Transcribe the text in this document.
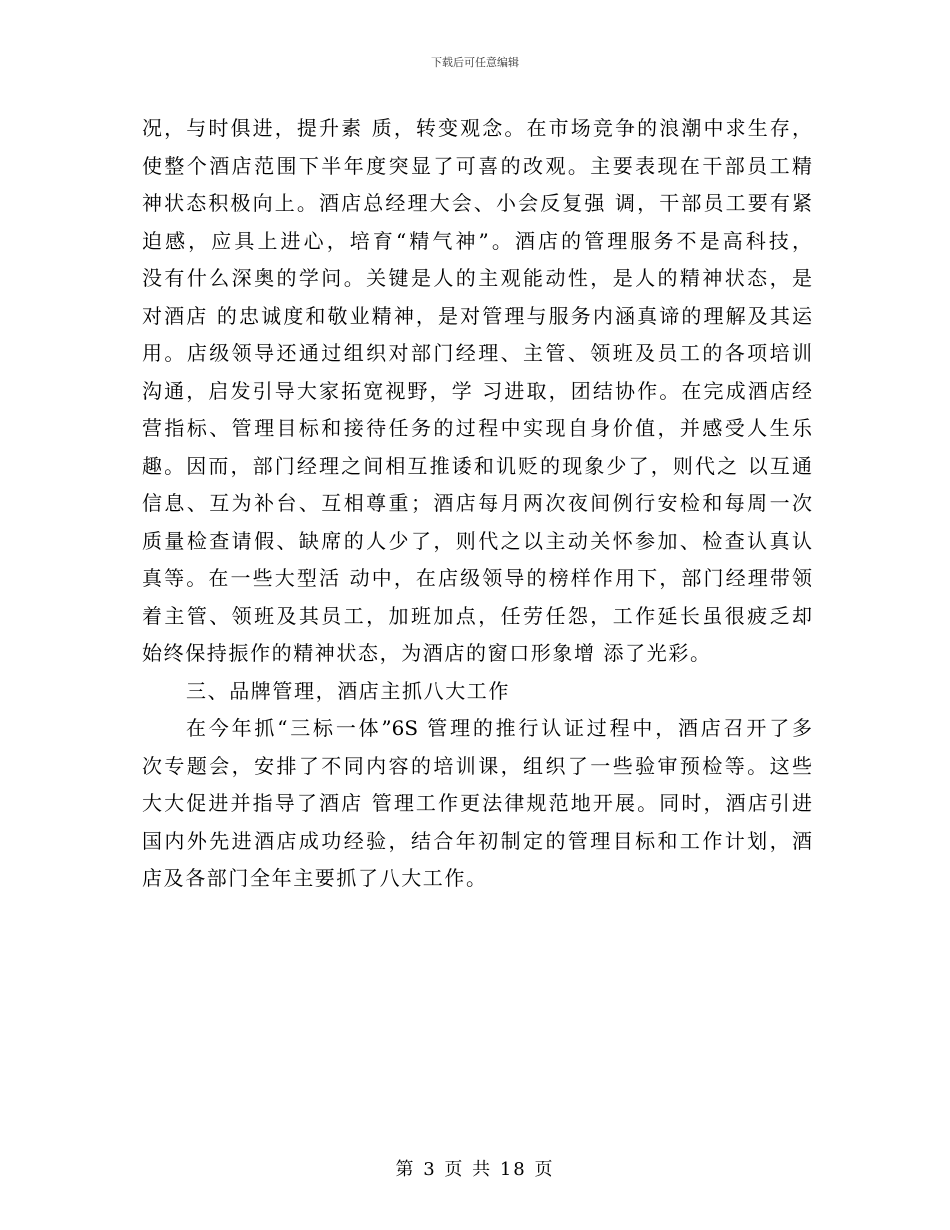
下载后可任意编辑
况，与时俱进，提升素 质，转变观念。在市场竞争的浪潮中求生存，
使整个酒店范围下半年度突显了可喜的改观。主要表现在干部员工精
神状态积极向上。酒店总经理大会、小会反复强 调，干部员工要有紧
迫感，应具上进心，培育“精气神”。酒店的管理服务不是高科技，
没有什么深奥的学问。关键是人的主观能动性，是人的精神状态，是
对酒店 的忠诚度和敬业精神，是对管理与服务内涵真谛的理解及其运
用。店级领导还通过组织对部门经理、主管、领班及员工的各项培训
沟通，启发引导大家拓宽视野，学 习进取，团结协作。在完成酒店经
营指标、管理目标和接待任务的过程中实现自身价值，并感受人生乐
趣。因而，部门经理之间相互推诿和讥贬的现象少了，则代之 以互通
信息、互为补台、互相尊重；酒店每月两次夜间例行安检和每周一次
质量检查请假、缺席的人少了，则代之以主动关怀参加、检查认真认
真等。在一些大型活 动中，在店级领导的榜样作用下，部门经理带领
着主管、领班及其员工，加班加点，任劳任怨，工作延长虽很疲乏却
始终保持振作的精神状态，为酒店的窗口形象增 添了光彩。
三、品牌管理，酒店主抓八大工作
在今年抓“三标一体”6S 管理的推行认证过程中，酒店召开了多
次专题会，安排了不同内容的培训课，组织了一些验审预检等。这些
大大促进并指导了酒店 管理工作更法律规范地开展。同时，酒店引进
国内外先进酒店成功经验，结合年初制定的管理目标和工作计划，酒
店及各部门全年主要抓了八大工作。
第 3 页 共 18 页
